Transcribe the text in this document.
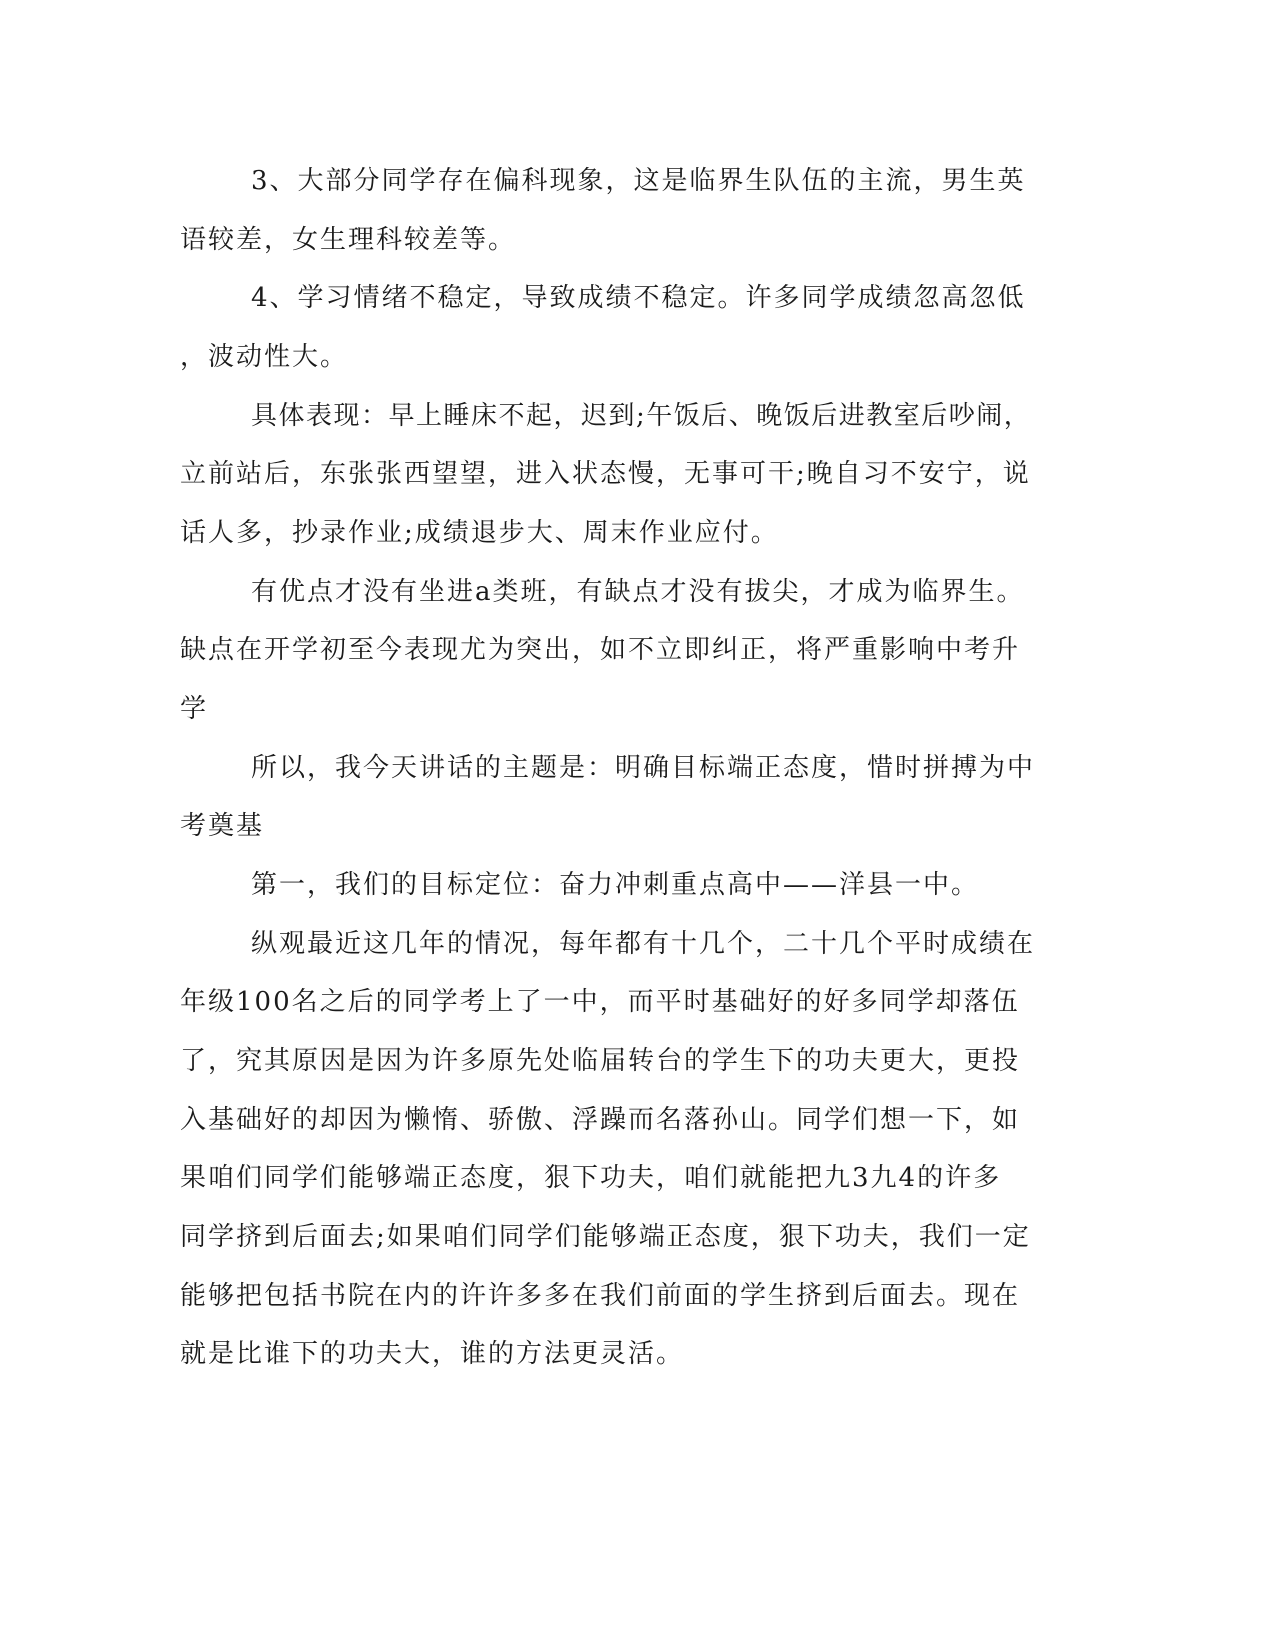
3、大部分同学存在偏科现象，这是临界生队伍的主流，男生英
语较差，女生理科较差等。
4、学习情绪不稳定，导致成绩不稳定。许多同学成绩忽高忽低
，波动性大。
具体表现：早上睡床不起，迟到;午饭后、晚饭后进教室后吵闹，
立前站后，东张张西望望，进入状态慢，无事可干;晚自习不安宁，说
话人多，抄录作业;成绩退步大、周末作业应付。
有优点才没有坐进a类班，有缺点才没有拔尖，才成为临界生。
缺点在开学初至今表现尤为突出，如不立即纠正，将严重影响中考升
学
所以，我今天讲话的主题是：明确目标端正态度，惜时拼搏为中
考奠基
第一，我们的目标定位：奋力冲刺重点高中——洋县一中。
纵观最近这几年的情况，每年都有十几个，二十几个平时成绩在
年级100名之后的同学考上了一中，而平时基础好的好多同学却落伍
了，究其原因是因为许多原先处临届转台的学生下的功夫更大，更投
入基础好的却因为懒惰、骄傲、浮躁而名落孙山。同学们想一下，如
果咱们同学们能够端正态度，狠下功夫，咱们就能把九3九4的许多
同学挤到后面去;如果咱们同学们能够端正态度，狠下功夫，我们一定
能够把包括书院在内的许许多多在我们前面的学生挤到后面去。现在
就是比谁下的功夫大，谁的方法更灵活。
